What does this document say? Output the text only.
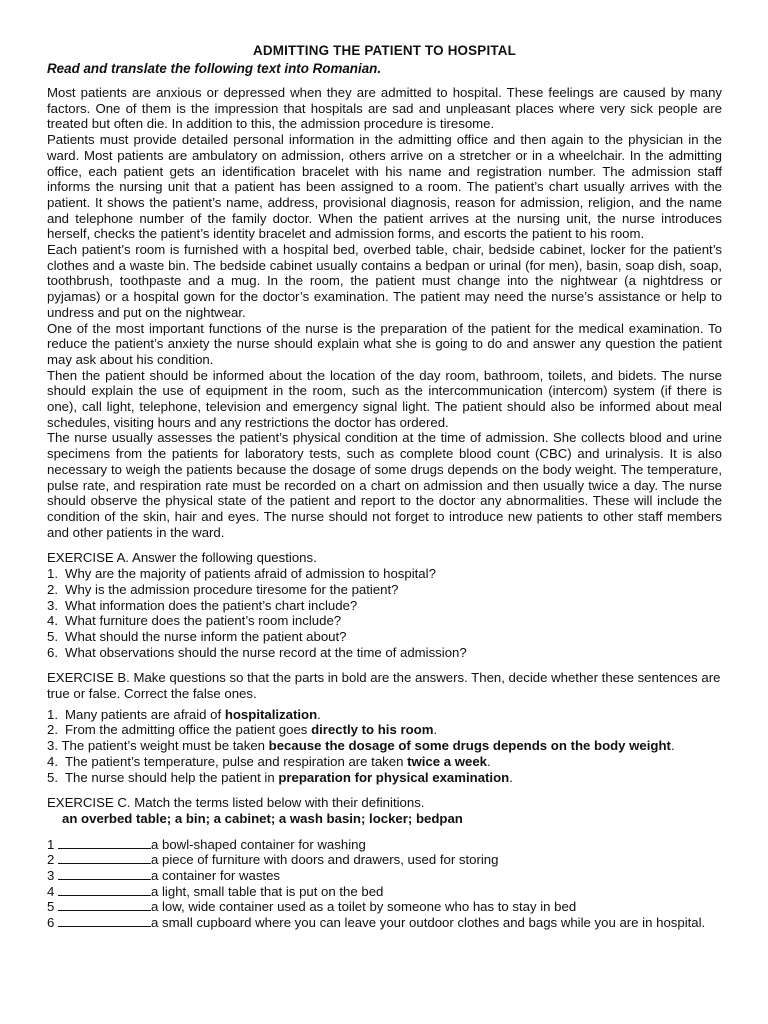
ADMITTING THE PATIENT TO HOSPITAL
Read and translate the following text into Romanian.

Most patients are anxious or depressed when they are admitted to hospital. These feelings are caused by many factors. One of them is the impression that hospitals are sad and unpleasant places where very sick people are treated but often die. In addition to this, the admission procedure is tiresome.

Patients must provide detailed personal information in the admitting office and then again to the physician in the ward. Most patients are ambulatory on admission, others arrive on a stretcher or in a wheelchair. In the admitting office, each patient gets an identification bracelet with his name and registration number. The admission staff informs the nursing unit that a patient has been assigned to a room. The patient’s chart usually arrives with the patient. It shows the patient’s name, address, provisional diagnosis, reason for admission, religion, and the name and telephone number of the family doctor. When the patient arrives at the nursing unit, the nurse introduces herself, checks the patient’s identity bracelet and admission forms, and escorts the patient to his room.

Each patient’s room is furnished with a hospital bed, overbed table, chair, bedside cabinet, locker for the patient’s clothes and a waste bin. The bedside cabinet usually contains a bedpan or urinal (for men), basin, soap dish, soap, toothbrush, toothpaste and a mug. In the room, the patient must change into the nightwear (a nightdress or pyjamas) or a hospital gown for the doctor’s examination. The patient may need the nurse’s assistance or help to undress and put on the nightwear.

One of the most important functions of the nurse is the preparation of the patient for the medical examination. To reduce the patient’s anxiety the nurse should explain what she is going to do and answer any question the patient may ask about his condition.

Then the patient should be informed about the location of the day room, bathroom, toilets, and bidets. The nurse should explain the use of equipment in the room, such as the intercommunication (intercom) system (if there is one), call light, telephone, television and emergency signal light. The patient should also be informed about meal schedules, visiting hours and any restrictions the doctor has ordered.

The nurse usually assesses the patient’s physical condition at the time of admission. She collects blood and urine specimens from the patients for laboratory tests, such as complete blood count (CBC) and urinalysis. It is also necessary to weigh the patients because the dosage of some drugs depends on the body weight. The temperature, pulse rate, and respiration rate must be recorded on a chart on admission and then usually twice a day. The nurse should observe the physical state of the patient and report to the doctor any abnormalities. These will include the condition of the skin, hair and eyes. The nurse should not forget to introduce new patients to other staff members and other patients in the ward.

EXERCISE A. Answer the following questions.
1. Why are the majority of patients afraid of admission to hospital?
2. Why is the admission procedure tiresome for the patient?
3. What information does the patient’s chart include?
4. What furniture does the patient’s room include?
5. What should the nurse inform the patient about?
6. What observations should the nurse record at the time of admission?
EXERCISE B. Make questions so that the parts in bold are the answers. Then, decide whether these sentences are true or false. Correct the false ones.
1. Many patients are afraid of hospitalization.
2. From the admitting office the patient goes directly to his room.
3. The patient’s weight must be taken because the dosage of some drugs depends on the body weight.
4. The patient’s temperature, pulse and respiration are taken twice a week.
5. The nurse should help the patient in preparation for physical examination.
EXERCISE C. Match the terms listed below with their definitions.
an overbed table; a bin; a cabinet; a wash basin; locker; bedpan
1	a bowl-shaped container for washing
2	a piece of furniture with doors and drawers, used for storing
3	a container for wastes
4	a light, small table that is put on the bed
5	a low, wide container used as a toilet by someone who has to stay in bed
6	a small cupboard where you can leave your outdoor clothes and bags while you are in hospital.
